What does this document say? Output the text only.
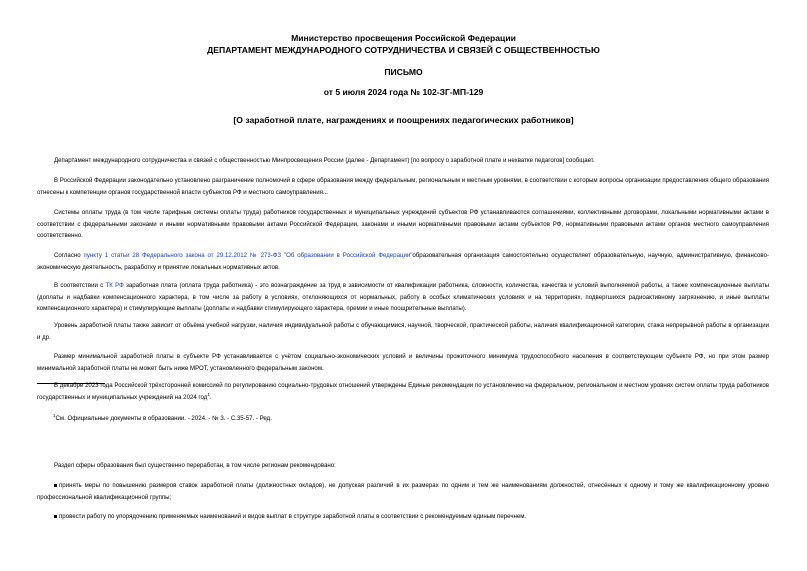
Министерство просвещения Российской Федерации
ДЕПАРТАМЕНТ МЕЖДУНАРОДНОГО СОТРУДНИЧЕСТВА И СВЯЗЕЙ С ОБЩЕСТВЕННОСТЬЮ
ПИСЬМО
от 5 июля 2024 года № 102-ЗГ-МП-129
[О заработной плате, награждениях и поощрениях педагогических работников]
Департамент международного сотрудничества и связей с общественностью Минпросвещения России (далее - Департамент) [по вопросу о заработной плате и нехватке педагогов] сообщает.
В Российской Федерации законодательно установлено разграничение полномочий в сфере образования между федеральным, региональным и местным уровнями, в соответствии с которым вопросы организации предоставления общего образования отнесены к компетенции органов государственной власти субъектов РФ и местного самоуправления...
Системы оплаты труда (в том числе тарифные системы оплаты труда) работников государственных и муниципальных учреждений субъектов РФ устанавливаются соглашениями, коллективными договорами, локальными нормативными актами в соответствии с федеральными законами и иными нормативными правовыми актами Российской Федерации, законами и иными нормативными правовыми актами субъектов РФ, нормативными правовыми актами органов местного самоуправления соответственно.
Согласно пункту 1 статьи 28 Федерального закона от 29.12.2012 № 273-ФЗ "Об образовании в Российской Федерации"образовательная организация самостоятельно осуществляет образовательную, научную, административную, финансово-экономическую деятельность, разработку и принятие локальных нормативных актов.
В соответствии с ТК РФ заработная плата (оплата труда работника) - это вознаграждение за труд в зависимости от квалификации работника, сложности, количества, качества и условий выполняемой работы, а также компенсационные выплаты (доплаты и надбавки компенсационного характера, в том числе за работу в условиях, отклоняющихся от нормальных, работу в особых климатических условиях и на территориях, подвергшихся радиоактивному загрязнению, и иные выплаты компенсационного характера) и стимулирующие выплаты (доплаты и надбавки стимулирующего характера, премии и иные поощрительные выплаты).
Уровень заработной платы также зависит от объёма учебной нагрузки, наличия индивидуальной работы с обучающимися, научной, творческой, практической работы, наличия квалификационной категории, стажа непрерывной работы в организации и др.
Размер минимальной заработной платы в субъекте РФ устанавливается с учётом социально-экономических условий и величины прожиточного минимума трудоспособного населения в соответствующем субъекте РФ, но при этом размер минимальной заработной платы не может быть ниже МРОТ, установленного федеральным законом.
В декабре 2023 года Российской трёхсторонней комиссией по регулированию социально-трудовых отношений утверждены Единые рекомендации по установлению на федеральном, региональном и местном уровнях систем оплаты труда работников государственных и муниципальных учреждений на 2024 год$^1$.
$^1$См. Официальные документы в образовании. - 2024. - № 3. - С.35-57. - Ред.
Раздел сферы образования был существенно переработан, в том числе регионам рекомендовано:
принять меры по повышению размеров ставок заработной платы (должностных окладов), не допуская различий в их размерах по одним и тем же наименованиям должностей, отнесённых к одному и тому же квалификационному уровню профессиональной квалификационной группы;
провести работу по упорядочению применяемых наименований и видов выплат в структуре заработной платы в соответствии с рекомендуемым единым перечнем.
